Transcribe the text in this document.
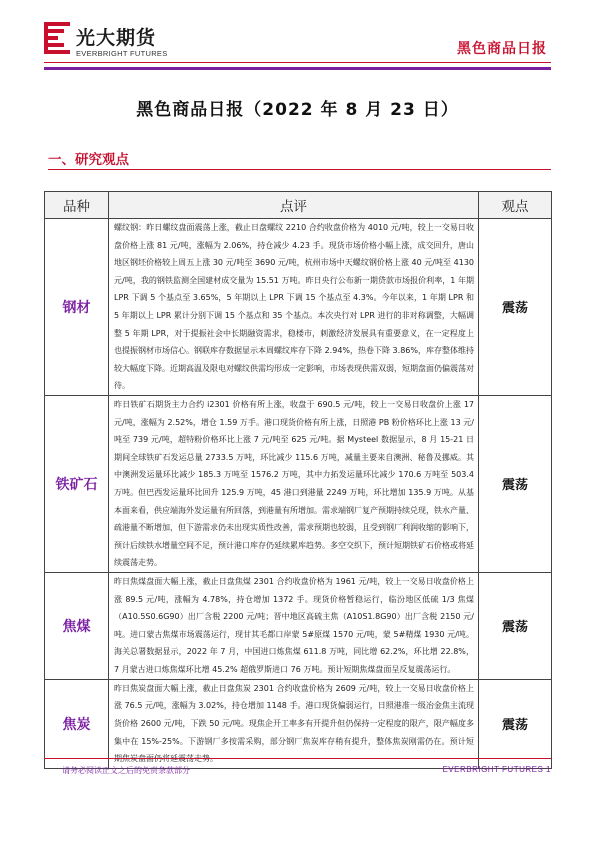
光大期货
EVERBRIGHT FUTURES	黑色商品日报
黑色商品日报（2022 年 8 月 23 日）
一、研究观点
品种	点评	观点
钢材	螺纹钢：昨日螺纹盘面震荡上涨，截止日盘螺纹 2210 合约收盘价格为 4010 元/吨，较上一交易日收盘价格上涨 81 元/吨，涨幅为 2.06%，持仓减少 4.23 手。现货市场价格小幅上涨，成交回升，唐山地区钢坯价格较上周五上涨 30 元/吨至 3690 元/吨，杭州市场中天螺纹钢价格上涨 40 元/吨至 4130 元/吨，我的钢铁监测全国建材成交量为 15.51 万吨。昨日央行公布新一期贷款市场报价利率，1 年期 LPR 下调 5 个基点至 3.65%，5 年期以上 LPR 下调 15 个基点至 4.3%。今年以来，1 年期 LPR 和 5 年期以上 LPR 累计分别下调 15 个基点和 35 个基点。本次央行对 LPR 进行的非对称调整，大幅调整 5 年期 LPR，对于提振社会中长期融资需求，稳楼市，刺激经济发展具有重要意义，在一定程度上也提振钢材市场信心。钢联库存数据显示本周螺纹库存下降 2.94%，热卷下降 3.86%，库存整体维持较大幅度下降。近期高温及限电对螺纹供需均形成一定影响，市场表现供需双弱，短期盘面仍偏震荡对待。	震荡
铁矿石	昨日铁矿石期货主力合约 i2301 价格有所上涨，收盘于 690.5 元/吨，较上一交易日收盘价上涨 17 元/吨，涨幅为 2.52%，增仓 1.59 万手。港口现货价格有所上涨，日照港 PB 粉价格环比上涨 13 元/吨至 739 元/吨，超特粉价格环比上涨 7 元/吨至 625 元/吨。据 Mysteel 数据显示，8 月 15-21 日期间全球铁矿石发运总量 2733.5 万吨，环比减少 115.6 万吨，减量主要来自澳洲、秘鲁及挪威。其中澳洲发运量环比减少 185.3 万吨至 1576.2 万吨，其中力拓发运量环比减少 170.6 万吨至 503.4 万吨。但巴西发运量环比回升 125.9 万吨，45 港口到港量 2249 万吨，环比增加 135.9 万吨。从基本面来看，供应端海外发运量有所回落，到港量有所增加。需求端钢厂复产预期持续兑现，铁水产量、疏港量不断增加，但下游需求仍未出现实质性改善，需求预期也较弱，且受到钢厂利润收缩的影响下，预计后续铁水增量空间不足，预计港口库存仍延续累库趋势。多空交织下，预计短期铁矿石价格或将延续震荡走势。	震荡
焦煤	昨日焦煤盘面大幅上涨，截止日盘焦煤 2301 合约收盘价格为 1961 元/吨，较上一交易日收盘价格上涨 89.5 元/吨，涨幅为 4.78%，持仓增加 1372 手。现货价格暂稳运行，临汾地区低硫 1/3 焦煤（A10.5S0.6G90）出厂含税 2200 元/吨；晋中地区高硫主焦（A10S1.8G90）出厂含税 2150 元/吨。进口蒙古焦煤市场震荡运行，现甘其毛都口岸蒙 5#原煤 1570 元/吨，蒙 5#精煤 1930 元/吨。海关总署数据显示，2022 年 7 月，中国进口炼焦煤 611.8 万吨，同比增 62.2%，环比增 22.8%，7 月蒙古进口炼焦煤环比增 45.2% 超俄罗斯进口 76 万吨。预计短期焦煤盘面呈反复震荡运行。	震荡
焦炭	昨日焦炭盘面大幅上涨，截止日盘焦炭 2301 合约收盘价格为 2609 元/吨，较上一交易日收盘价格上涨 76.5 元/吨，涨幅为 3.02%，持仓增加 1148 手。港口现货偏弱运行，日照港准一级冶金焦主流现货价格 2600 元/吨，下跌 50 元/吨。现焦企开工率多有开提升但仍保持一定程度的限产，限产幅度多集中在 15%-25%。下游钢厂多按需采购，部分钢厂焦炭库存稍有提升，整体焦炭刚需仍在。预计短	震荡
请务必阅读正文之后的免责条款部分	EVERBRIGHT FUTURES 1
